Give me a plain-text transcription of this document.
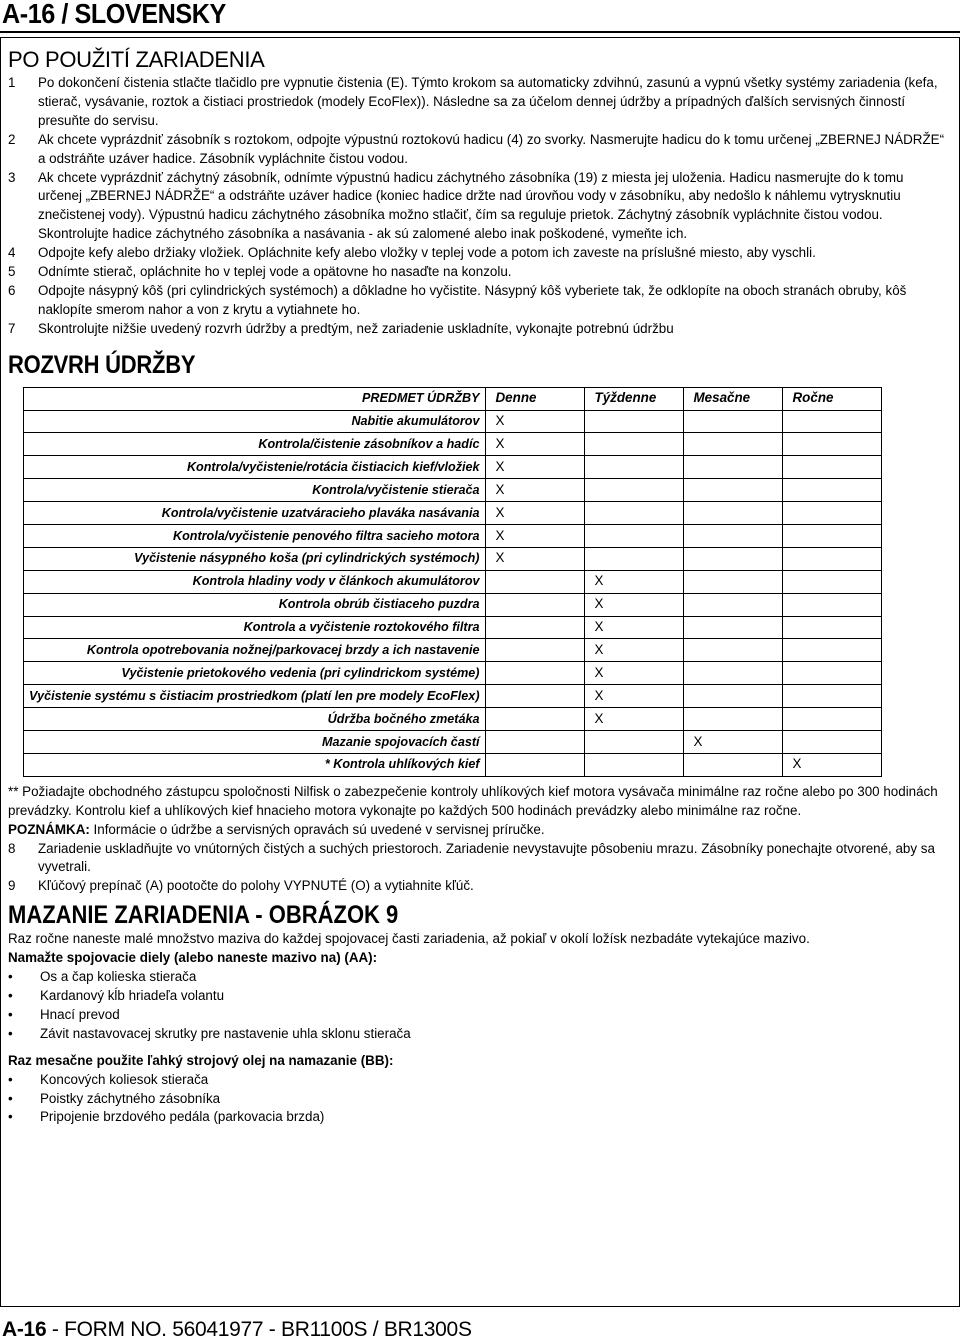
A-16 / SLOVENSKY
PO POUŽITÍ ZARIADENIA
1 Po dokončení čistenia stlačte tlačidlo pre vypnutie čistenia (E). Týmto krokom sa automaticky zdvihnú, zasunú a vypnú všetky systémy zariadenia (kefa, stierač, vysávanie, roztok a čistiaci prostriedok (modely EcoFlex)). Následne sa za účelom dennej údržby a prípadných ďalších servisných činností presuňte do servisu.
2 Ak chcete vyprázdniť zásobník s roztokom, odpojte výpustnú roztokovú hadicu (4) zo svorky. Nasmerujte hadicu do k tomu určenej „ZBERNEJ NÁDRŽE“ a odstráňte uzáver hadice. Zásobník vypláchnite čistou vodou.
3 Ak chcete vyprázdniť záchytný zásobník, odnímte výpustnú hadicu záchytného zásobníka (19) z miesta jej uloženia. Hadicu nasmerujte do k tomu určenej „ZBERNEJ NÁDRŽE“ a odstráňte uzáver hadice (koniec hadice držte nad úrovňou vody v zásobníku, aby nedošlo k náhlemu vytrysknutiu znečistenej vody). Výpustnú hadicu záchytného zásobníka možno stlačiť, čím sa reguluje prietok. Záchytný zásobník vypláchnite čistou vodou. Skontrolujte hadice záchytného zásobníka a nasávania - ak sú zalomené alebo inak poškodené, vymeňte ich.
4 Odpojte kefy alebo držiaky vložiek. Opláchnite kefy alebo vložky v teplej vode a potom ich zaveste na príslušné miesto, aby vyschli.
5 Odnímte stierač, opláchnite ho v teplej vode a opätovne ho nasaďte na konzolu.
6 Odpojte násypný kôš (pri cylindrických systémoch) a dôkladne ho vyčistite. Násypný kôš vyberiete tak, že odklopíte na oboch stranách obruby, kôš naklopíte smerom nahor a von z krytu a vytiahnete ho.
7 Skontrolujte nižšie uvedený rozvrh údržby a predtým, než zariadenie uskladníte, vykonajte potrebnú údržbu
ROZVRH ÚDRŽBY
PREDMET ÚDRŽBY	Denne	Týždenne	Mesačne	Ročne
Nabitie akumulátorov	X			
Kontrola/čistenie zásobníkov a hadíc	X			
Kontrola/vyčistenie/rotácia čistiacich kief/vložiek	X			
Kontrola/vyčistenie stierača	X			
Kontrola/vyčistenie uzatváracieho plaváka nasávania	X			
Kontrola/vyčistenie penového filtra sacieho motora	X			
Vyčistenie násypného koša (pri cylindrických systémoch)	X			
Kontrola hladiny vody v článkoch akumulátorov		X		
Kontrola obrúb čistiaceho puzdra		X		
Kontrola a vyčistenie roztokového filtra		X		
Kontrola opotrebovania nožnej/parkovacej brzdy a ich nastavenie		X		
Vyčistenie prietokového vedenia (pri cylindrickom systéme)		X		
Vyčistenie systému s čistiacim prostriedkom (platí len pre modely EcoFlex)		X		
Údržba bočného zmetáka		X		
Mazanie spojovacích častí			X	
* Kontrola uhlíkových kief				X

** Požiadajte obchodného zástupcu spoločnosti Nilfisk o zabezpečenie kontroly uhlíkových kief motora vysávača minimálne raz ročne alebo po 300 hodinách prevádzky. Kontrolu kief a uhlíkových kief hnacieho motora vykonajte po každých 500 hodinách prevádzky alebo minimálne raz ročne.

POZNÁMKA: Informácie o údržbe a servisných opravách sú uvedené v servisnej príručke.

8 Zariadenie uskladňujte vo vnútorných čistých a suchých priestoroch. Zariadenie nevystavujte pôsobeniu mrazu. Zásobníky ponechajte otvorené, aby sa vyvetrali.
9 Kľúčový prepínač (A) pootočte do polohy VYPNUTÉ (O) a vytiahnite kľúč.
MAZANIE ZARIADENIA - OBRÁZOK 9

Raz ročne naneste malé množstvo maziva do každej spojovacej časti zariadenia, až pokiaľ v okolí ložísk nezbadáte vytekajúce mazivo.

Namažte spojovacie diely (alebo naneste mazivo na) (AA):

• Os a čap kolieska stierača
• Kardanový kĺb hriadeľa volantu
• Hnací prevod
• Závit nastavovacej skrutky pre nastavenie uhla sklonu stierača

Raz mesačne použite ľahký strojový olej na namazanie (BB):

• Koncových koliesok stierača
• Poistky záchytného zásobníka
• Pripojenie brzdového pedála (parkovacia brzda)
A-16 - FORM NO. 56041977 - BR1100S / BR1300S
